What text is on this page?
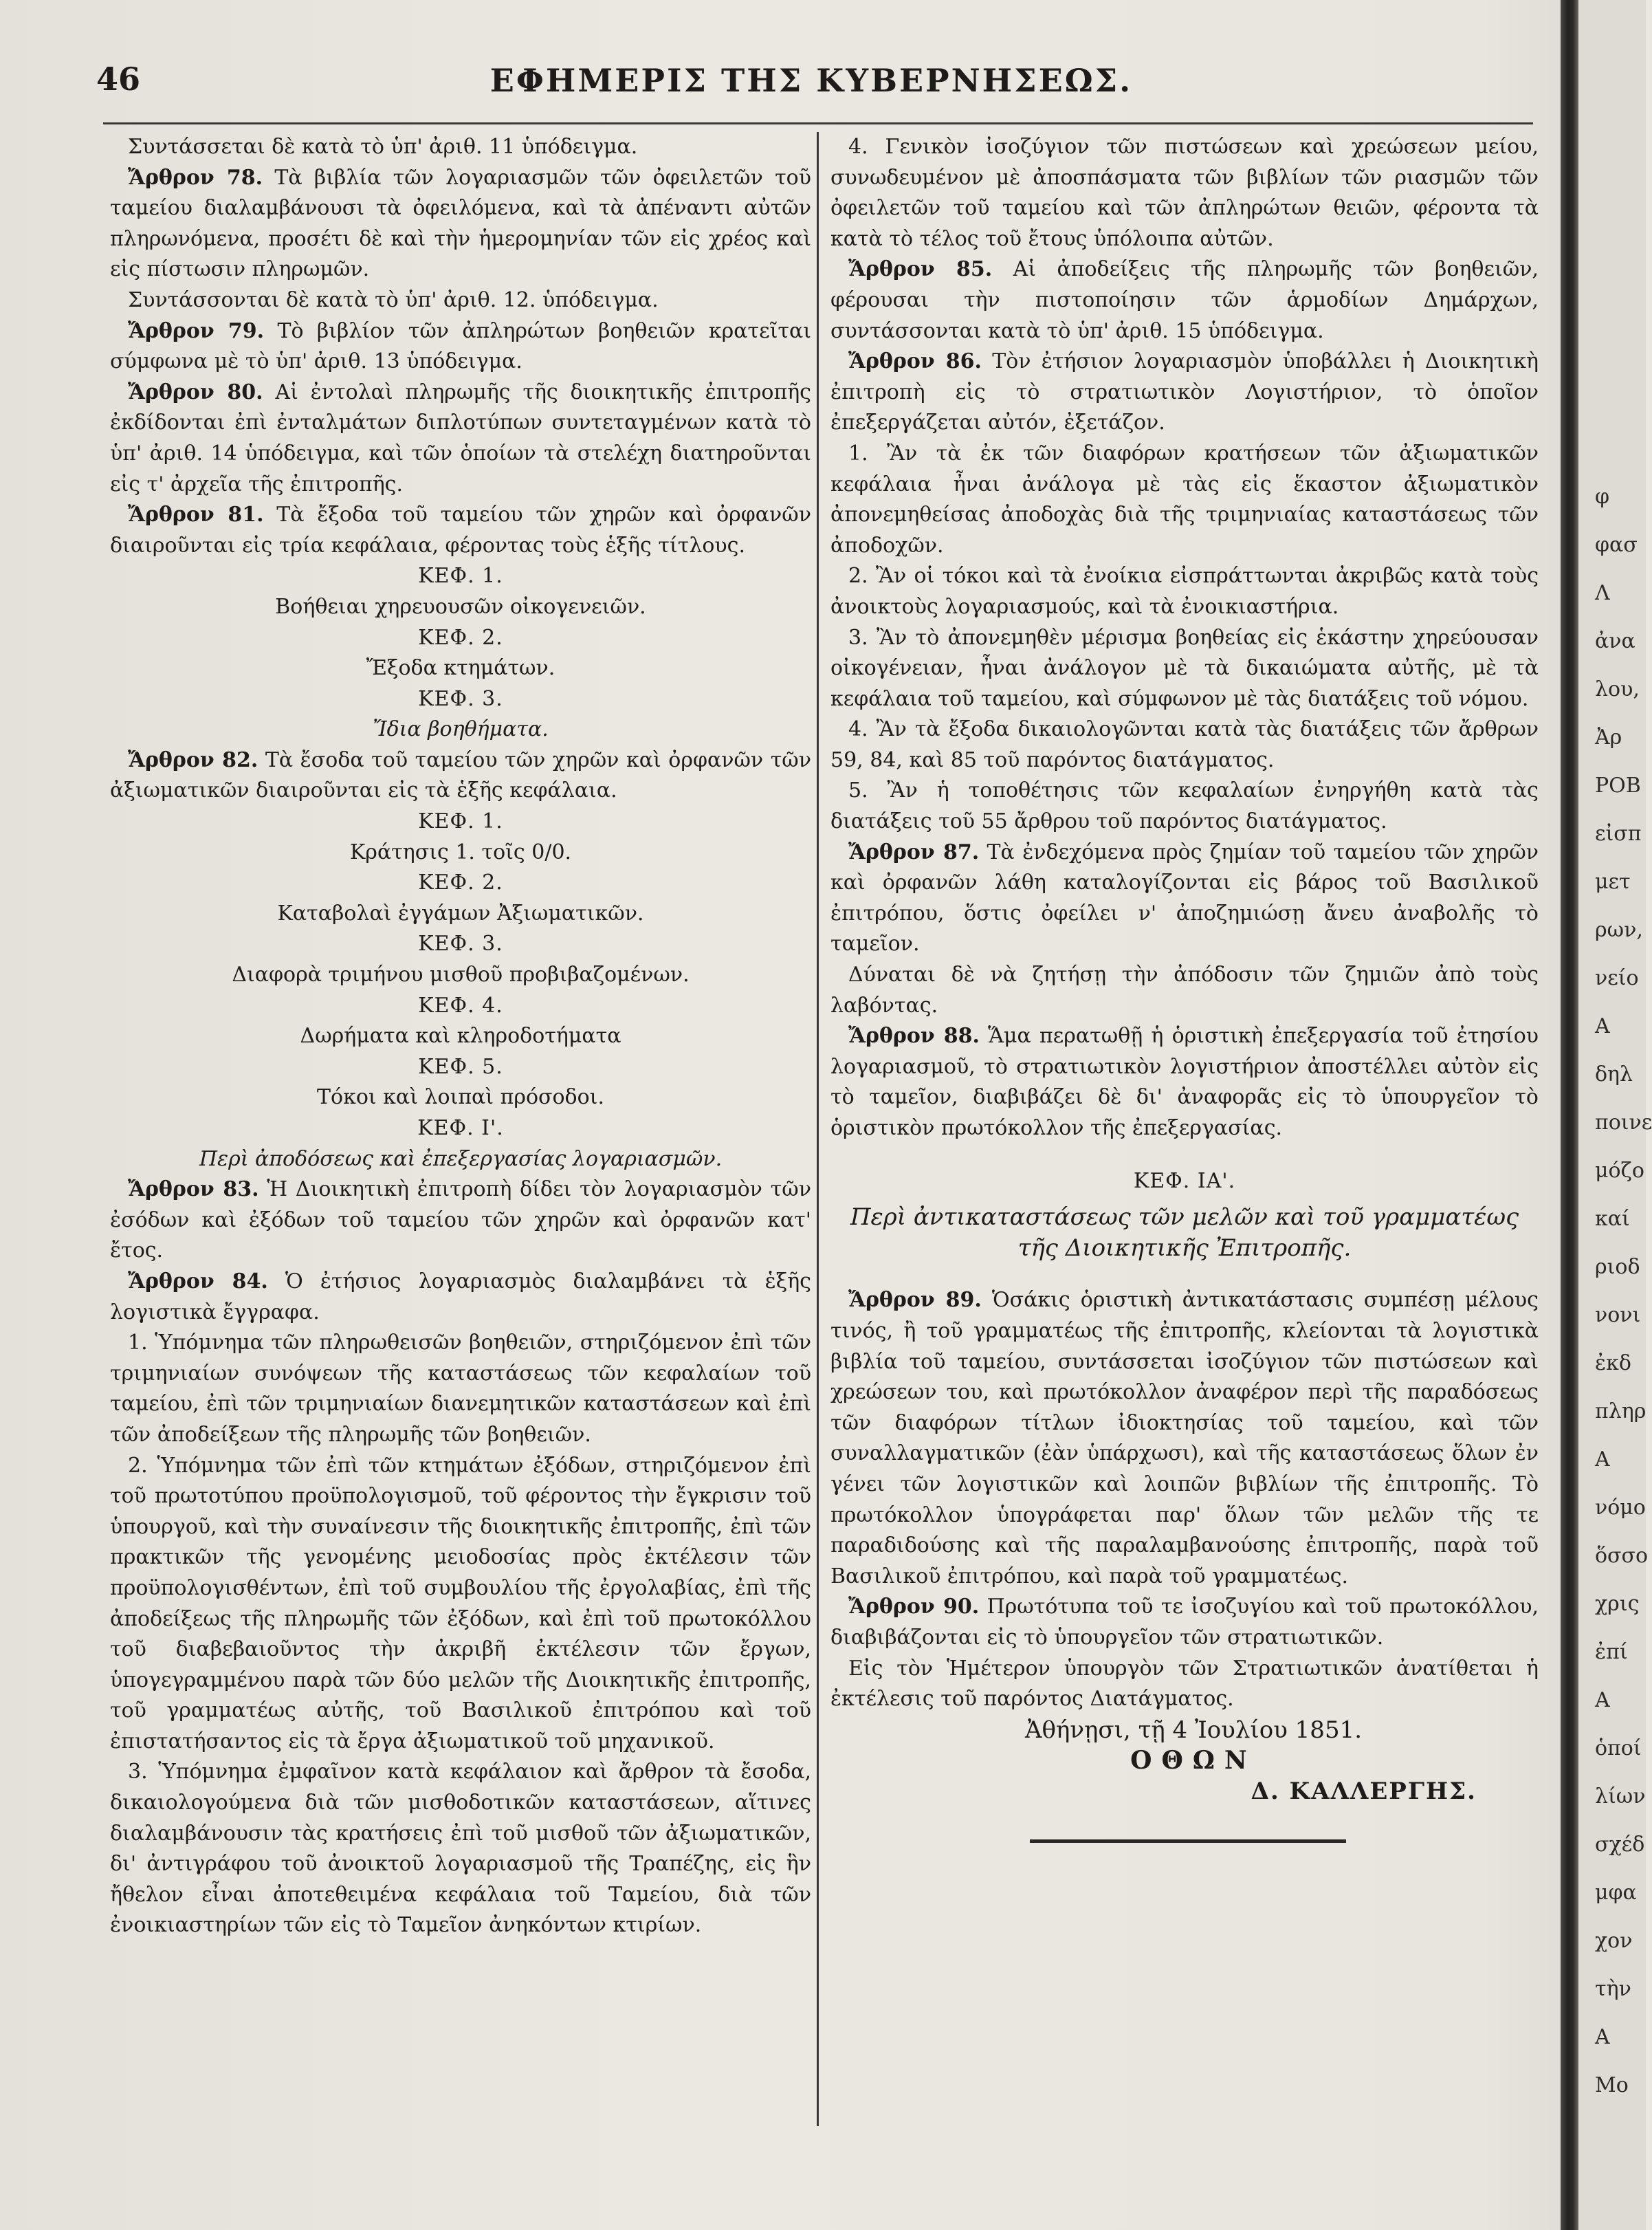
46	ΕΦΗΜΕΡΙΣ ΤΗΣ ΚΥΒΕΡΝΗΣΕΩΣ.

Συντάσσεται δὲ κατὰ τὸ ὑπ' ἀριθ. 11 ὑπόδειγμα.

Ἄρθρον 78. Τὰ βιβλία τῶν λογαριασμῶν τῶν ὀφειλετῶν τοῦ ταμείου διαλαμβάνουσι τὰ ὀφειλόμενα, καὶ τὰ ἀπέναντι αὐτῶν πληρωνόμενα, προσέτι δὲ καὶ τὴν ἡμερομηνίαν τῶν εἰς χρέος καὶ εἰς πίστωσιν πληρωμῶν.

Συντάσσονται δὲ κατὰ τὸ ὑπ' ἀριθ. 12. ὑπόδειγμα.

Ἄρθρον 79. Τὸ βιβλίον τῶν ἀπληρώτων βοηθειῶν κρατεῖται σύμφωνα μὲ τὸ ὑπ' ἀριθ. 13 ὑπόδειγμα.

Ἄρθρον 80. Αἱ ἐντολαὶ πληρωμῆς τῆς διοικητικῆς ἐπιτροπῆς ἐκδίδονται ἐπὶ ἐνταλμάτων διπλοτύπων συντεταγμένων κατὰ τὸ ὑπ' ἀριθ. 14 ὑπόδειγμα, καὶ τῶν ὁποίων τὰ στελέχη διατηροῦνται εἰς τ' ἀρχεῖα τῆς ἐπιτροπῆς.

Ἄρθρον 81. Τὰ ἔξοδα τοῦ ταμείου τῶν χηρῶν καὶ ὀρφανῶν διαιροῦνται εἰς τρία κεφάλαια, φέροντας τοὺς ἑξῆς τίτλους.

ΚΕΦ. 1.

Βοήθειαι χηρευουσῶν οἰκογενειῶν.

ΚΕΦ. 2.

Ἔξοδα κτημάτων.

ΚΕΦ. 3.

Ἴδια βοηθήματα.

Ἄρθρον 82. Τὰ ἔσοδα τοῦ ταμείου τῶν χηρῶν καὶ ὀρφανῶν τῶν ἀξιωματικῶν διαιροῦνται εἰς τὰ ἑξῆς κεφάλαια.

ΚΕΦ. 1.

Κράτησις 1. τοῖς 0/0.

ΚΕΦ. 2.

Καταβολαὶ ἐγγάμων Ἀξιωματικῶν.

ΚΕΦ. 3.

Διαφορὰ τριμήνου μισθοῦ προβιβαζομένων.

ΚΕΦ. 4.

Δωρήματα καὶ κληροδοτήματα

ΚΕΦ. 5.

Τόκοι καὶ λοιπαὶ πρόσοδοι.

ΚΕΦ. Ι'.

Περὶ ἀποδόσεως καὶ ἐπεξεργασίας λογαριασμῶν.

Ἄρθρον 83. Ἡ Διοικητικὴ ἐπιτροπὴ δίδει τὸν λογαριασμὸν τῶν ἐσόδων καὶ ἐξόδων τοῦ ταμείου τῶν χηρῶν καὶ ὀρφανῶν κατ' ἔτος.

Ἄρθρον 84. Ὁ ἐτήσιος λογαριασμὸς διαλαμβάνει τὰ ἑξῆς λογιστικὰ ἔγγραφα.

1. Ὑπόμνημα τῶν πληρωθεισῶν βοηθειῶν, στηριζόμενον ἐπὶ τῶν τριμηνιαίων συνόψεων τῆς καταστάσεως τῶν κεφαλαίων τοῦ ταμείου, ἐπὶ τῶν τριμηνιαίων διανεμητικῶν καταστάσεων καὶ ἐπὶ τῶν ἀποδείξεων τῆς πληρωμῆς τῶν βοηθειῶν.

2. Ὑπόμνημα τῶν ἐπὶ τῶν κτημάτων ἐξόδων, στηριζόμενον ἐπὶ τοῦ πρωτοτύπου προϋπολογισμοῦ, τοῦ φέροντος τὴν ἔγκρισιν τοῦ ὑπουργοῦ, καὶ τὴν συναίνεσιν τῆς διοικητικῆς ἐπιτροπῆς, ἐπὶ τῶν πρακτικῶν τῆς γενομένης μειοδοσίας πρὸς ἐκτέλεσιν τῶν προϋπολογισθέντων, ἐπὶ τοῦ συμβουλίου τῆς ἐργολαβίας, ἐπὶ τῆς ἀποδείξεως τῆς πληρωμῆς τῶν ἐξόδων, καὶ ἐπὶ τοῦ πρωτοκόλλου τοῦ διαβεβαιοῦντος τὴν ἀκριβῆ ἐκτέλεσιν τῶν ἔργων, ὑπογεγραμμένου παρὰ τῶν δύο μελῶν τῆς Διοικητικῆς ἐπιτροπῆς, τοῦ γραμματέως αὐτῆς, τοῦ Βασιλικοῦ ἐπιτρόπου καὶ τοῦ ἐπιστατήσαντος εἰς τὰ ἔργα ἀξιωματικοῦ τοῦ μηχανικοῦ.

3. Ὑπόμνημα ἐμφαῖνον κατὰ κεφάλαιον καὶ ἄρθρον τὰ ἔσοδα, δικαιολογούμενα διὰ τῶν μισθοδοτικῶν καταστάσεων, αἵτινες διαλαμβάνουσιν τὰς κρατήσεις ἐπὶ τοῦ μισθοῦ τῶν ἀξιωματικῶν, δι' ἀντιγράφου τοῦ ἀνοικτοῦ λογαριασμοῦ τῆς Τραπέζης, εἰς ἣν ἤθελον εἶναι ἀποτεθειμένα κεφάλαια τοῦ Ταμείου, διὰ τῶν ἐνοικιαστηρίων τῶν εἰς τὸ Ταμεῖον ἀνηκόντων κτιρίων.

4. Γενικὸν ἰσοζύγιον τῶν πιστώσεων καὶ χρεώσεων μείου, συνωδευμένον μὲ ἀποσπάσματα τῶν βιβλίων τῶν ριασμῶν τῶν ὀφειλετῶν τοῦ ταμείου καὶ τῶν ἀπληρώτων θειῶν, φέροντα τὰ κατὰ τὸ τέλος τοῦ ἔτους ὑπόλοιπα αὐτῶν.

Ἄρθρον 85. Αἱ ἀποδείξεις τῆς πληρωμῆς τῶν βοηθειῶν, φέρουσαι τὴν πιστοποίησιν τῶν ἁρμοδίων Δημάρχων, συντάσσονται κατὰ τὸ ὑπ' ἀριθ. 15 ὑπόδειγμα.

Ἄρθρον 86. Τὸν ἐτήσιον λογαριασμὸν ὑποβάλλει ἡ Διοικητικὴ ἐπιτροπὴ εἰς τὸ στρατιωτικὸν Λογιστήριον, τὸ ὁποῖον ἐπεξεργάζεται αὐτόν, ἐξετάζον.

1. Ἂν τὰ ἐκ τῶν διαφόρων κρατήσεων τῶν ἀξιωματικῶν κεφάλαια ἦναι ἀνάλογα μὲ τὰς εἰς ἕκαστον ἀξιωματικὸν ἀπονεμηθείσας ἀποδοχὰς διὰ τῆς τριμηνιαίας καταστάσεως τῶν ἀποδοχῶν.

2. Ἂν οἱ τόκοι καὶ τὰ ἐνοίκια εἰσπράττωνται ἀκριβῶς κατὰ τοὺς ἀνοικτοὺς λογαριασμούς, καὶ τὰ ἐνοικιαστήρια.

3. Ἂν τὸ ἀπονεμηθὲν μέρισμα βοηθείας εἰς ἑκάστην χηρεύουσαν οἰκογένειαν, ἦναι ἀνάλογον μὲ τὰ δικαιώματα αὐτῆς, μὲ τὰ κεφάλαια τοῦ ταμείου, καὶ σύμφωνον μὲ τὰς διατάξεις τοῦ νόμου.

4. Ἂν τὰ ἔξοδα δικαιολογῶνται κατὰ τὰς διατάξεις τῶν ἄρθρων 59, 84, καὶ 85 τοῦ παρόντος διατάγματος.

5. Ἂν ἡ τοποθέτησις τῶν κεφαλαίων ἐνηργήθη κατὰ τὰς διατάξεις τοῦ 55 ἄρθρου τοῦ παρόντος διατάγματος.

Ἄρθρον 87. Τὰ ἐνδεχόμενα πρὸς ζημίαν τοῦ ταμείου τῶν χηρῶν καὶ ὀρφανῶν λάθη καταλογίζονται εἰς βάρος τοῦ Βασιλικοῦ ἐπιτρόπου, ὅστις ὀφείλει ν' ἀποζημιώσῃ ἄνευ ἀναβολῆς τὸ ταμεῖον.

Δύναται δὲ νὰ ζητήσῃ τὴν ἀπόδοσιν τῶν ζημιῶν ἀπὸ τοὺς λαβόντας.

Ἄρθρον 88. Ἅμα περατωθῇ ἡ ὁριστικὴ ἐπεξεργασία τοῦ ἐτησίου λογαριασμοῦ, τὸ στρατιωτικὸν λογιστήριον ἀποστέλλει αὐτὸν εἰς τὸ ταμεῖον, διαβιβάζει δὲ δι' ἀναφορᾶς εἰς τὸ ὑπουργεῖον τὸ ὁριστικὸν πρωτόκολλον τῆς ἐπεξεργασίας.

ΚΕΦ. ΙΑ'.

Περὶ ἀντικαταστάσεως τῶν μελῶν καὶ τοῦ γραμματέως τῆς Διοικητικῆς Ἐπιτροπῆς.

Ἄρθρον 89. Ὁσάκις ὁριστικὴ ἀντικατάστασις συμπέσῃ μέλους τινός, ἢ τοῦ γραμματέως τῆς ἐπιτροπῆς, κλείονται τὰ λογιστικὰ βιβλία τοῦ ταμείου, συντάσσεται ἰσοζύγιον τῶν πιστώσεων καὶ χρεώσεων του, καὶ πρωτόκολλον ἀναφέρον περὶ τῆς παραδόσεως τῶν διαφόρων τίτλων ἰδιοκτησίας τοῦ ταμείου, καὶ τῶν συναλλαγματικῶν (ἐὰν ὑπάρχωσι), καὶ τῆς καταστάσεως ὅλων ἐν γένει τῶν λογιστικῶν καὶ λοιπῶν βιβλίων τῆς ἐπιτροπῆς. Τὸ πρωτόκολλον ὑπογράφεται παρ' ὅλων τῶν μελῶν τῆς τε παραδιδούσης καὶ τῆς παραλαμβανούσης ἐπιτροπῆς, παρὰ τοῦ Βασιλικοῦ ἐπιτρόπου, καὶ παρὰ τοῦ γραμματέως.

Ἄρθρον 90. Πρωτότυπα τοῦ τε ἰσοζυγίου καὶ τοῦ πρωτοκόλλου, διαβιβάζονται εἰς τὸ ὑπουργεῖον τῶν στρατιωτικῶν.

Εἰς τὸν Ἡμέτερον ὑπουργὸν τῶν Στρατιωτικῶν ἀνατίθεται ἡ ἐκτέλεσις τοῦ παρόντος Διατάγματος.

Ἀθήνῃσι, τῇ 4 Ἰουλίου 1851.

ΟΘΩΝ

Δ. ΚΑΛΛΕΡΓΗΣ.

φ
φασ
Λ
ἀνα
λου,
Ἀρ
ΡΟΒ
εἰσπ
μετ
ρων,
νείο
Α
δηλ
ποινε
μόζο
καί
ριοδ
νονι
ἐκδ
πληρ
Α
νόμο
ὅσσο
χρις
ἐπί
Α
ὁποί
λίων
σχέδ
μφα
χον
τὴν
Α
Μο
